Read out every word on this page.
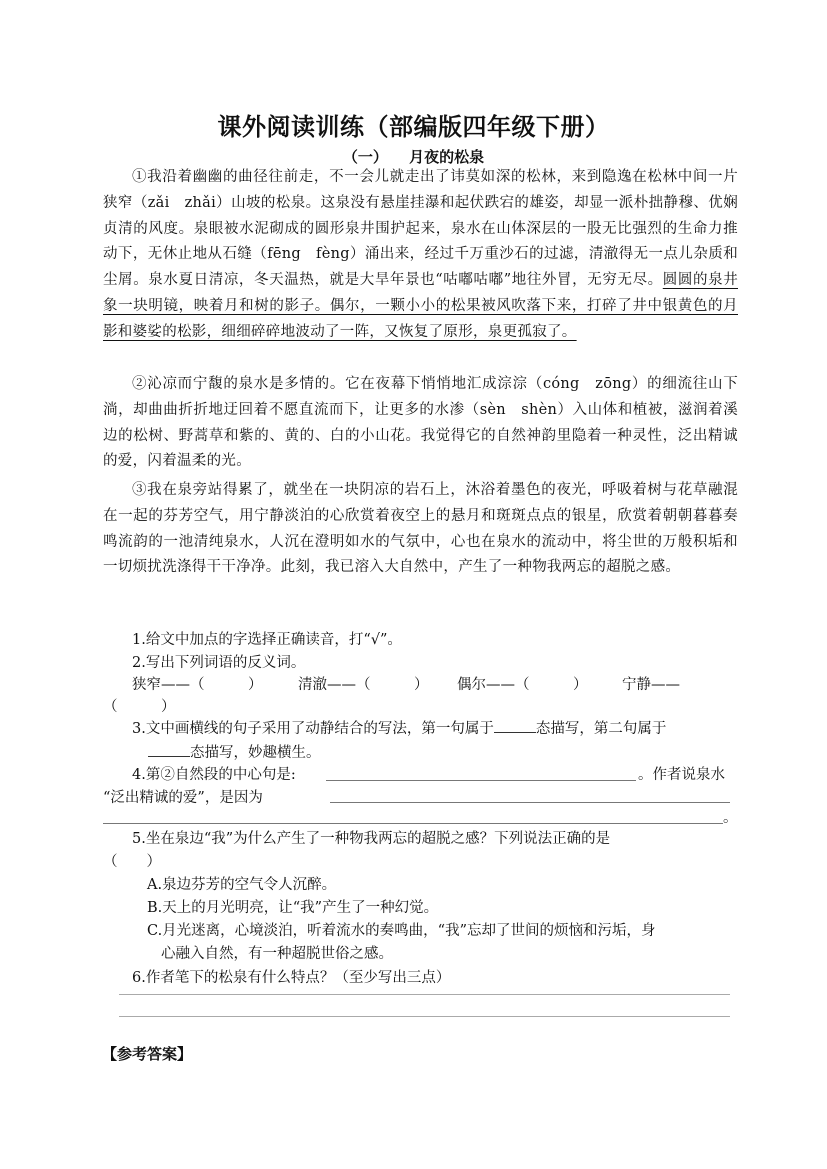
课外阅读训练（部编版四年级下册）
（一） 月夜的松泉
①我沿着幽幽的曲径往前走，不一会儿就走出了讳莫如深的松林，来到隐逸在松林中间一片狭窄（zǎi　zhǎi）山坡的松泉。这泉没有悬崖挂瀑和起伏跌宕的雄姿，却显一派朴拙静穆、优娴贞清的风度。泉眼被水泥砌成的圆形泉井围护起来，泉水在山体深层的一股无比强烈的生命力推动下，无休止地从石缝（fēng　fèng）涌出来，经过千万重沙石的过滤，清澈得无一点儿杂质和尘屑。泉水夏日清凉，冬天温热，就是大旱年景也“咕嘟咕嘟”地往外冒，无穷无尽。圆圆的泉井象一块明镜，映着月和树的影子。偶尔，一颗小小的松果被风吹落下来，打碎了井中银黄色的月影和婆娑的松影，细细碎碎地波动了一阵，又恢复了原形，泉更孤寂了。
②沁凉而宁馥的泉水是多情的。它在夜幕下悄悄地汇成淙淙（cóng　zōng）的细流往山下淌，却曲曲折折地迂回着不愿直流而下，让更多的水渗（sèn　shèn）入山体和植被，滋润着溪边的松树、野蒿草和紫的、黄的、白的小山花。我觉得它的自然神韵里隐着一种灵性，泛出精诚的爱，闪着温柔的光。
③我在泉旁站得累了，就坐在一块阴凉的岩石上，沐浴着墨色的夜光，呼吸着树与花草融混在一起的芬芳空气，用宁静淡泊的心欣赏着夜空上的悬月和斑斑点点的银星，欣赏着朝朝暮暮奏鸣流韵的一池清纯泉水，人沉在澄明如水的气氛中，心也在泉水的流动中，将尘世的万般积垢和一切烦扰洗涤得干干净净。此刻，我已溶入大自然中，产生了一种物我两忘的超脱之感。
1.给文中加点的字选择正确读音，打“√”。
2.写出下列词语的反义词。
狭窄——（　　　） 清澈——（　　　） 偶尔——（　　　） 宁静——
（　　　）
3.文中画横线的句子采用了动静结合的写法，第一句属于	态描写，第二句属于
态描写，妙趣横生。
4.第②自然段的中心句是:	。作者说泉水
“泛出精诚的爱”，是因为
。
5.坐在泉边“我”为什么产生了一种物我两忘的超脱之感？下列说法正确的是
（　　）
A.泉边芬芳的空气令人沉醉。
B.天上的月光明亮，让“我”产生了一种幻觉。
C.月光迷离，心境淡泊，听着流水的奏鸣曲，“我”忘却了世间的烦恼和污垢，身
心融入自然，有一种超脱世俗之感。
6.作者笔下的松泉有什么特点？（至少写出三点）
【参考答案】
